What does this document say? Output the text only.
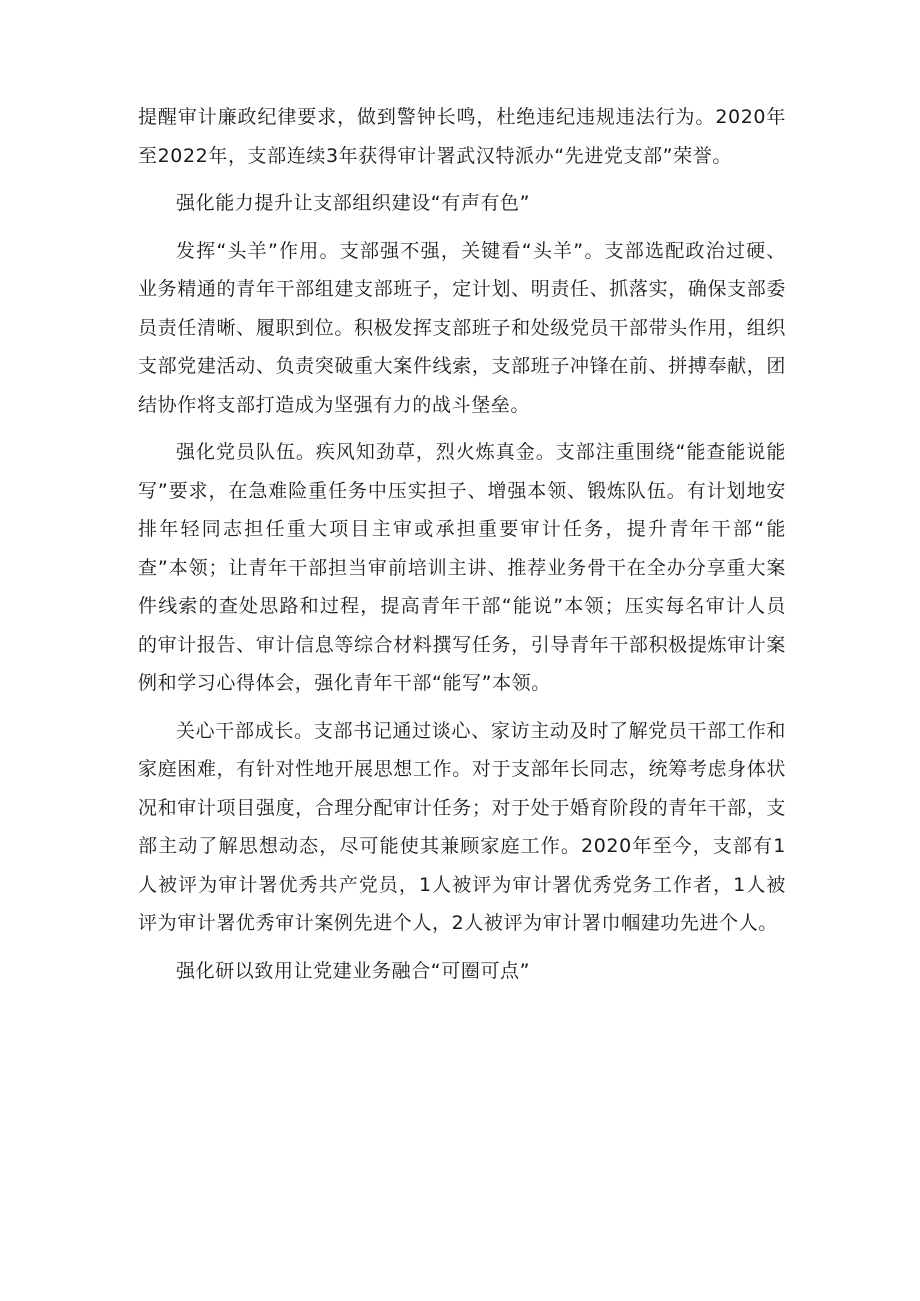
提醒审计廉政纪律要求，做到警钟长鸣，杜绝违纪违规违法行为。2020年至2022年，支部连续3年获得审计署武汉特派办“先进党支部”荣誉。

强化能力提升让支部组织建设“有声有色”

发挥“头羊”作用。支部强不强，关键看“头羊”。支部选配政治过硬、业务精通的青年干部组建支部班子，定计划、明责任、抓落实，确保支部委员责任清晰、履职到位。积极发挥支部班子和处级党员干部带头作用，组织支部党建活动、负责突破重大案件线索，支部班子冲锋在前、拼搏奉献，团结协作将支部打造成为坚强有力的战斗堡垒。

强化党员队伍。疾风知劲草，烈火炼真金。支部注重围绕“能查能说能写”要求，在急难险重任务中压实担子、增强本领、锻炼队伍。有计划地安排年轻同志担任重大项目主审或承担重要审计任务，提升青年干部“能查”本领；让青年干部担当审前培训主讲、推荐业务骨干在全办分享重大案件线索的查处思路和过程，提高青年干部“能说”本领；压实每名审计人员的审计报告、审计信息等综合材料撰写任务，引导青年干部积极提炼审计案例和学习心得体会，强化青年干部“能写”本领。

关心干部成长。支部书记通过谈心、家访主动及时了解党员干部工作和家庭困难，有针对性地开展思想工作。对于支部年长同志，统筹考虑身体状况和审计项目强度，合理分配审计任务；对于处于婚育阶段的青年干部，支部主动了解思想动态，尽可能使其兼顾家庭工作。2020年至今，支部有1人被评为审计署优秀共产党员，1人被评为审计署优秀党务工作者，1人被评为审计署优秀审计案例先进个人，2人被评为审计署巾帼建功先进个人。

强化研以致用让党建业务融合“可圈可点”
